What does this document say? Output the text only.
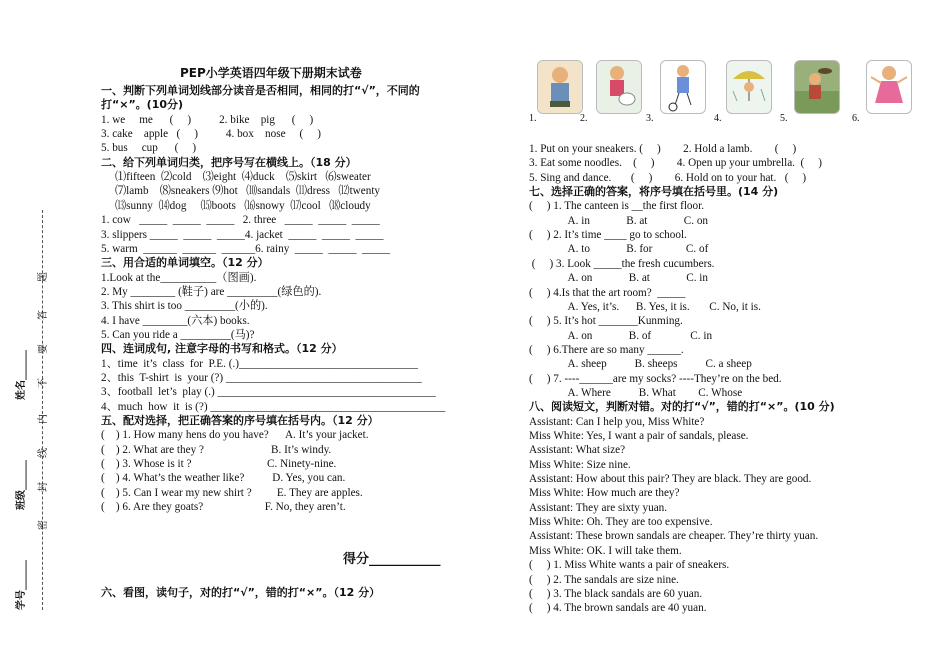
PEP小学英语四年级下册期末试卷
一、判断下列单词划线部分读音是否相同，相同的打“√”，不同的
打“×”。(10分)
1. we     me      (     )          2. bike    pig      (     )
3. cake    apple   (     )          4. box    nose     (     )
5. bus     cup      (     )
二、给下列单词归类，把序号写在横线上。（18 分）
⑴fifteen  ⑵cold    ⑶eight  ⑷duck    ⑸skirt   ⑹sweater
⑺lamb    ⑻sneakers ⑼hot   ⑽sandals  ⑾dress   ⑿twenty
⒀sunny  ⒁dog     ⒂boots   ⒃snowy  ⒄cool   ⒅cloudy
1. cow   _____  _____  _____   2. three   _____  _____  _____
3. slippers _____  _____  _____4. jacket  _____  _____  _____
5. warm  ______  ______  ______6. rainy  _____  _____  _____
三、用合适的单词填空。（12 分）
1.Look at the__________（图画).
2. My ________ (鞋子) are _________(绿色的).
3. This shirt is too _________(小的).
4. I have ________(六本) books.
5. Can you ride a _________(马)?
四、连词成句, 注意字母的书写和格式。（12 分）
1、time  it’s  class  for  P.E. (.)________________________________
2、this  T-shirt  is  your (?) ___________________________________
3、football  let’s  play (.) _______________________________________
4、much  how  it  is (?) __________________________________________
五、配对选择，把正确答案的序号填在括号内。（12 分）
(    ) 1. How many hens do you have?      A. It’s your jacket.
(    ) 2. What are they ?                        B. It’s windy.
(    ) 3. Whose is it ?                           C. Ninety-nine.
(    ) 4. What’s the weather like?          D. Yes, you can.
(    ) 5. Can I wear my new shirt ?         E. They are apples.
(    ) 6. Are they goats?                      F. No, they aren’t.
得分___________
六、看图，读句子，对的打“√”，错的打“×”。（12 分）
学号______
班级______
姓名______
密
封
线
内
不
要
答
题
1.	2.	3.	4.	5.	6.
1. Put on your sneakers. (     )        2. Hold a lamb.        (     )
3. Eat some noodles.    (     )        4. Open up your umbrella.  (     )
5. Sing and dance.       (     )        6. Hold on to your hat.   (     )
七、选择正确的答案，将序号填在括号里。(14 分)
(     ) 1. The canteen is __the first floor.
A. in             B. at             C. on
(     ) 2. It’s time ____ go to school.
A. to             B. for            C. of
(     ) 3. Look _____the fresh cucumbers.
A. on             B. at             C. in
(     ) 4.Is that the art room?  _____
A. Yes, it’s.      B. Yes, it is.       C. No, it is.
(     ) 5. It’s hot _______Kunming.
A. on             B. of              C. in
(     ) 6.There are so many ______.
A. sheep          B. sheeps          C. a sheep
(     ) 7. ----______are my socks? ----They’re on the bed.
A. Where          B. What        C. Whose
八、阅读短文，判断对错。对的打“√”，错的打“×”。(10 分)
Assistant: Can I help you, Miss White?
Miss White: Yes, I want a pair of sandals, please.
Assistant: What size?
Miss White: Size nine.
Assistant: How about this pair? They are black. They are good.
Miss White: How much are they?
Assistant: They are sixty yuan.
Miss White: Oh. They are too expensive.
Assistant: These brown sandals are cheaper. They’re thirty yuan.
Miss White: OK. I will take them.
(     ) 1. Miss White wants a pair of sneakers.
(     ) 2. The sandals are size nine.
(     ) 3. The black sandals are 60 yuan.
(     ) 4. The brown sandals are 40 yuan.
